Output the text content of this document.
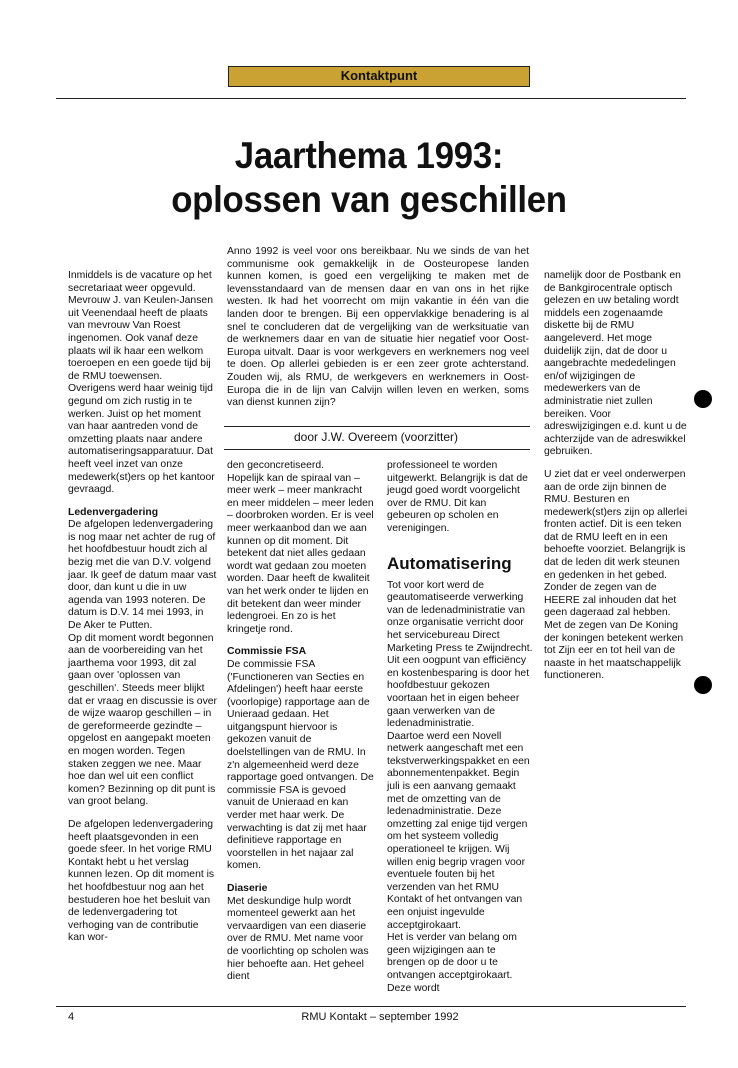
Kontaktpunt
Jaarthema 1993:
oplossen van geschillen

Anno 1992 is veel voor ons bereikbaar. Nu we sinds de van het communisme ook gemakkelijk in de Oosteuropese landen kunnen komen, is goed een vergelijking te maken met de levensstandaard van de mensen daar en van ons in het rijke westen. Ik had het voorrecht om mijn vakantie in één van die landen door te brengen. Bij een oppervlakkige benadering is al snel te concluderen dat de vergelijking van de werksituatie van de werknemers daar en van de situatie hier negatief voor Oost-Europa uitvalt. Daar is voor werkgevers en werknemers nog veel te doen. Op allerlei gebieden is er een zeer grote achterstand. Zouden wij, als RMU, de werkgevers en werknemers in Oost-Europa die in de lijn van Calvijn willen leven en werken, soms van dienst kunnen zijn?

door J.W. Overeem (voorzitter)

Inmiddels is de vacature op het secretariaat weer opgevuld. Mevrouw J. van Keulen-Jansen uit Veenendaal heeft de plaats van mevrouw Van Roest ingenomen. Ook vanaf deze plaats wil ik haar een welkom toeroepen en een goede tijd bij de RMU toewensen.

Overigens werd haar weinig tijd gegund om zich rustig in te werken. Juist op het moment van haar aantreden vond de omzetting plaats naar andere automatiseringsapparatuur. Dat heeft veel inzet van onze medewerk(st)ers op het kantoor gevraagd.

Ledenvergadering

De afgelopen ledenvergadering is nog maar net achter de rug of het hoofdbestuur houdt zich al bezig met die van D.V. volgend jaar. Ik geef de datum maar vast door, dan kunt u die in uw agenda van 1993 noteren. De datum is D.V. 14 mei 1993, in De Aker te Putten.

Op dit moment wordt begonnen aan de voorbereiding van het jaarthema voor 1993, dit zal gaan over 'oplossen van geschillen'. Steeds meer blijkt dat er vraag en discussie is over de wijze waarop geschillen – in de gereformeerde gezindte – opgelost en aangepakt moeten en mogen worden. Tegen staken zeggen we nee. Maar hoe dan wel uit een conflict komen? Bezinning op dit punt is van groot belang.

De afgelopen ledenvergadering heeft plaatsgevonden in een goede sfeer. In het vorige RMU Kontakt hebt u het verslag kunnen lezen. Op dit moment is het hoofdbestuur nog aan het bestuderen hoe het besluit van de ledenvergadering tot verhoging van de contributie kan wor-

den geconcretiseerd.

Hopelijk kan de spiraal van – meer werk – meer mankracht en meer middelen – meer leden – doorbroken worden. Er is veel meer werkaanbod dan we aan kunnen op dit moment. Dit betekent dat niet alles gedaan wordt wat gedaan zou moeten worden. Daar heeft de kwaliteit van het werk onder te lijden en dit betekent dan weer minder ledengroei. En zo is het kringetje rond.

Commissie FSA

De commissie FSA ('Functioneren van Secties en Afdelingen') heeft haar eerste (voorlopige) rapportage aan de Unieraad gedaan. Het uitgangspunt hiervoor is gekozen vanuit de doelstellingen van de RMU. In z'n algemeenheid werd deze rapportage goed ontvangen. De commissie FSA is gevoed vanuit de Unieraad en kan verder met haar werk. De verwachting is dat zij met haar definitieve rapportage en voorstellen in het najaar zal komen.

Diaserie

Met deskundige hulp wordt momenteel gewerkt aan het vervaardigen van een diaserie over de RMU. Met name voor de voorlichting op scholen was hier behoefte aan. Het geheel dient

professioneel te worden uitgewerkt. Belangrijk is dat de jeugd goed wordt voorgelicht over de RMU. Dit kan gebeuren op scholen en verenigingen.

Automatisering

Tot voor kort werd de geautomatiseerde verwerking van de ledenadministratie van onze organisatie verricht door het servicebureau Direct Marketing Press te Zwijndrecht. Uit een oogpunt van efficiëncy en kostenbesparing is door het hoofdbestuur gekozen voortaan het in eigen beheer gaan verwerken van de ledenadministratie.

Daartoe werd een Novell netwerk aangeschaft met een tekstverwerkingspakket en een abonnementenpakket. Begin juli is een aanvang gemaakt met de omzetting van de ledenadministratie. Deze omzetting zal enige tijd vergen om het systeem volledig operationeel te krijgen. Wij willen enig begrip vragen voor eventuele fouten bij het verzenden van het RMU Kontakt of het ontvangen van een onjuist ingevulde acceptgirokaart.

Het is verder van belang om geen wijzigingen aan te brengen op de door u te ontvangen acceptgirokaart. Deze wordt

namelijk door de Postbank en de Bankgirocentrale optisch gelezen en uw betaling wordt middels een zogenaamde diskette bij de RMU aangeleverd. Het moge duidelijk zijn, dat de door u aangebrachte mededelingen en/of wijzigingen de medewerkers van de administratie niet zullen bereiken. Voor adreswijzigingen e.d. kunt u de achterzijde van de adreswikkel gebruiken.

U ziet dat er veel onderwerpen aan de orde zijn binnen de RMU. Besturen en medewerk(st)ers zijn op allerlei fronten actief. Dit is een teken dat de RMU leeft en in een behoefte voorziet. Belangrijk is dat de leden dit werk steunen en gedenken in het gebed. Zonder de zegen van de HEERE zal inhouden dat het geen dageraad zal hebben. Met de zegen van De Koning der koningen betekent werken tot Zijn eer en tot heil van de naaste in het maatschappelijk functioneren.

4	RMU Kontakt – september 1992
